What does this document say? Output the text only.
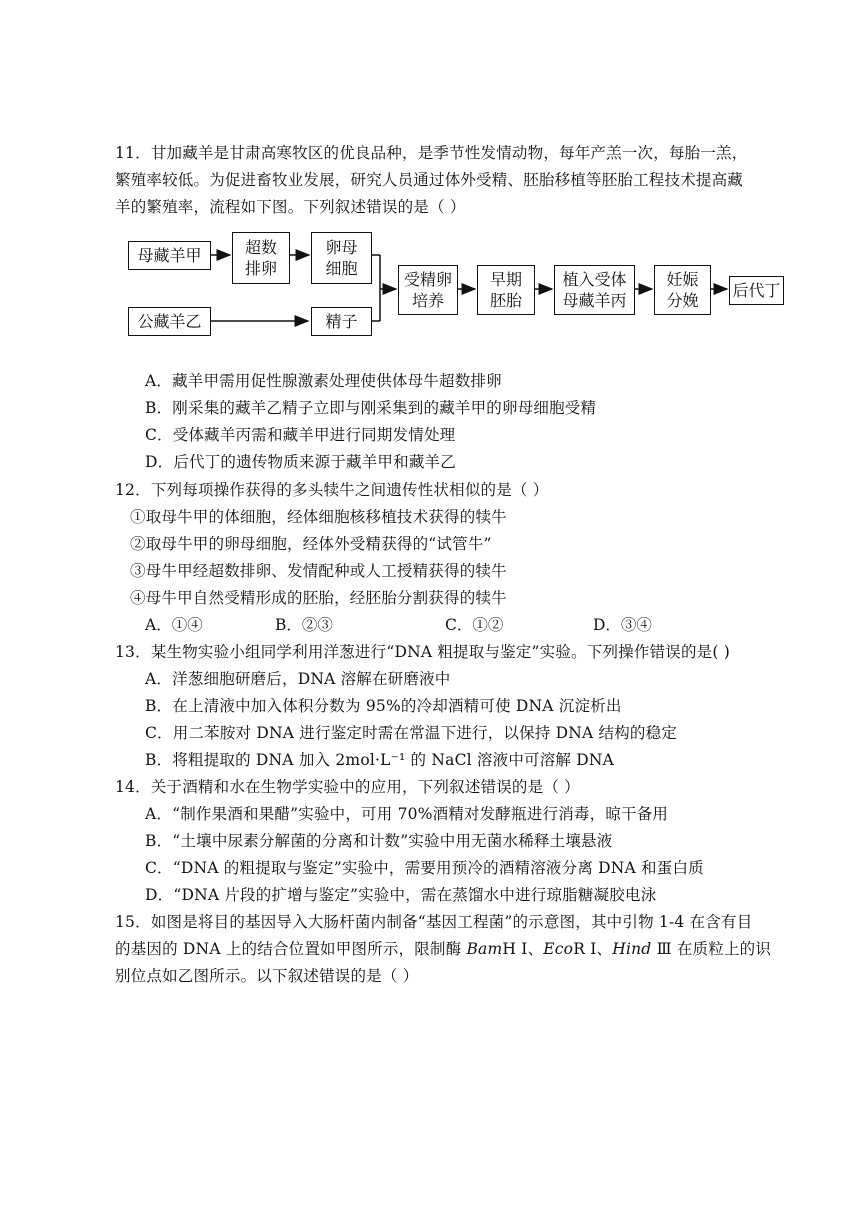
11．甘加藏羊是甘肃高寒牧区的优良品种，是季节性发情动物，每年产羔一次，每胎一羔，
繁殖率较低。为促进畜牧业发展，研究人员通过体外受精、胚胎移植等胚胎工程技术提高藏
羊的繁殖率，流程如下图。下列叙述错误的是（ ）
母藏羊甲	超数
排卵
卵母
细胞
公藏羊乙	精子
受精卵
培养
早期
胚胎
植入受体
母藏羊丙
妊娠
分娩
后代丁
A．藏羊甲需用促性腺激素处理使供体母牛超数排卵
B．刚采集的藏羊乙精子立即与刚采集到的藏羊甲的卵母细胞受精
C．受体藏羊丙需和藏羊甲进行同期发情处理
D．后代丁的遗传物质来源于藏羊甲和藏羊乙
12．下列每项操作获得的多头犊牛之间遗传性状相似的是（ ）
①取母牛甲的体细胞，经体细胞核移植技术获得的犊牛
②取母牛甲的卵母细胞，经体外受精获得的“试管牛”
③母牛甲经超数排卵、发情配种或人工授精获得的犊牛
④母牛甲自然受精形成的胚胎，经胚胎分割获得的犊牛
A．①④	B．②③	C．①②	D．③④
13．某生物实验小组同学利用洋葱进行“DNA 粗提取与鉴定”实验。下列操作错误的是( )
A．洋葱细胞研磨后，DNA 溶解在研磨液中
B．在上清液中加入体积分数为 95%的冷却酒精可使 DNA 沉淀析出
C．用二苯胺对 DNA 进行鉴定时需在常温下进行，以保持 DNA 结构的稳定
B．将粗提取的 DNA 加入 2mol·L⁻¹ 的 NaCl 溶液中可溶解 DNA
14．关于酒精和水在生物学实验中的应用，下列叙述错误的是（ ）
A．“制作果酒和果醋”实验中，可用 70%酒精对发酵瓶进行消毒，晾干备用
B．“土壤中尿素分解菌的分离和计数”实验中用无菌水稀释土壤悬液
C．“DNA 的粗提取与鉴定”实验中，需要用预冷的酒精溶液分离 DNA 和蛋白质
D．“DNA 片段的扩增与鉴定”实验中，需在蒸馏水中进行琼脂糖凝胶电泳
15．如图是将目的基因导入大肠杆菌内制备“基因工程菌”的示意图，其中引物 1-4 在含有目
的基因的 DNA 上的结合位置如甲图所示，限制酶 BamH Ⅰ、EcoR Ⅰ、Hind Ⅲ 在质粒上的识
别位点如乙图所示。以下叙述错误的是（ ）
